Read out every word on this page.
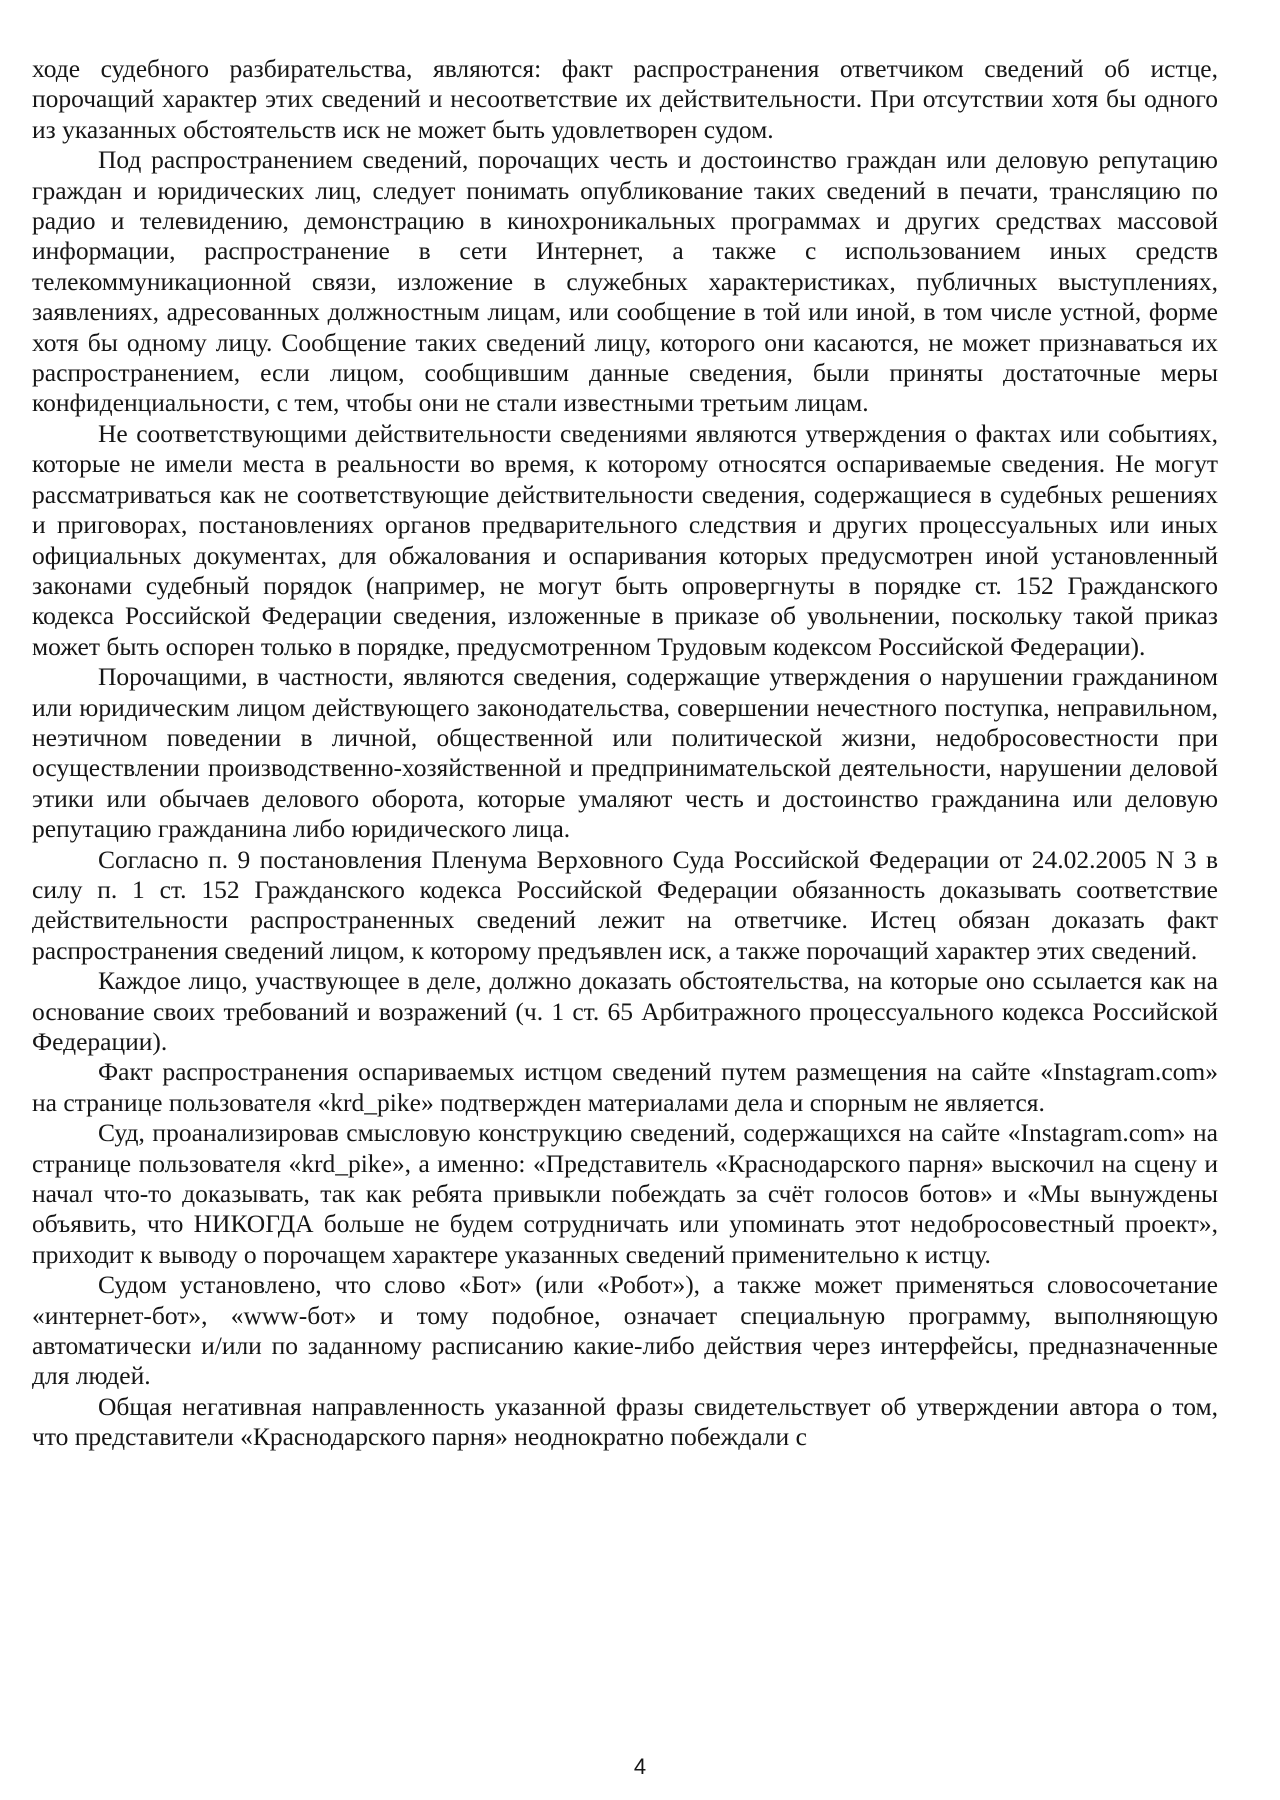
ходе судебного разбирательства, являются: факт распространения ответчиком сведений об истце, порочащий характер этих сведений и несоответствие их действительности. При отсутствии хотя бы одного из указанных обстоятельств иск не может быть удовлетворен судом.

Под распространением сведений, порочащих честь и достоинство граждан или деловую репутацию граждан и юридических лиц, следует понимать опубликование таких сведений в печати, трансляцию по радио и телевидению, демонстрацию в кинохроникальных программах и других средствах массовой информации, распространение в сети Интернет, а также с использованием иных средств телекоммуникационной связи, изложение в служебных характеристиках, публичных выступлениях, заявлениях, адресованных должностным лицам, или сообщение в той или иной, в том числе устной, форме хотя бы одному лицу. Сообщение таких сведений лицу, которого они касаются, не может признаваться их распространением, если лицом, сообщившим данные сведения, были приняты достаточные меры конфиденциальности, с тем, чтобы они не стали известными третьим лицам.

Не соответствующими действительности сведениями являются утверждения о фактах или событиях, которые не имели места в реальности во время, к которому относятся оспариваемые сведения. Не могут рассматриваться как не соответствующие действительности сведения, содержащиеся в судебных решениях и приговорах, постановлениях органов предварительного следствия и других процессуальных или иных официальных документах, для обжалования и оспаривания которых предусмотрен иной установленный законами судебный порядок (например, не могут быть опровергнуты в порядке ст. 152 Гражданского кодекса Российской Федерации сведения, изложенные в приказе об увольнении, поскольку такой приказ может быть оспорен только в порядке, предусмотренном Трудовым кодексом Российской Федерации).

Порочащими, в частности, являются сведения, содержащие утверждения о нарушении гражданином или юридическим лицом действующего законодательства, совершении нечестного поступка, неправильном, неэтичном поведении в личной, общественной или политической жизни, недобросовестности при осуществлении производственно-хозяйственной и предпринимательской деятельности, нарушении деловой этики или обычаев делового оборота, которые умаляют честь и достоинство гражданина или деловую репутацию гражданина либо юридического лица.

Согласно п. 9 постановления Пленума Верховного Суда Российской Федерации от 24.02.2005 N 3 в силу п. 1 ст. 152 Гражданского кодекса Российской Федерации обязанность доказывать соответствие действительности распространенных сведений лежит на ответчике. Истец обязан доказать факт распространения сведений лицом, к которому предъявлен иск, а также порочащий характер этих сведений.

Каждое лицо, участвующее в деле, должно доказать обстоятельства, на которые оно ссылается как на основание своих требований и возражений (ч. 1 ст. 65 Арбитражного процессуального кодекса Российской Федерации).

Факт распространения оспариваемых истцом сведений путем размещения на сайте «Instagram.com» на странице пользователя «krd_pike» подтвержден материалами дела и спорным не является.

Суд, проанализировав смысловую конструкцию сведений, содержащихся на сайте «Instagram.com» на странице пользователя «krd_pike», а именно: «Представитель «Краснодарского парня» выскочил на сцену и начал что-то доказывать, так как ребята привыкли побеждать за счёт голосов ботов» и «Мы вынуждены объявить, что НИКОГДА больше не будем сотрудничать или упоминать этот недобросовестный проект», приходит к выводу о порочащем характере указанных сведений применительно к истцу.

Судом установлено, что слово «Бот» (или «Робот»), а также может применяться словосочетание «интернет-бот», «www-бот» и тому подобное, означает специальную программу, выполняющую автоматически и/или по заданному расписанию какие-либо действия через интерфейсы, предназначенные для людей.

Общая негативная направленность указанной фразы свидетельствует об утверждении автора о том, что представители «Краснодарского парня» неоднократно побеждали с

4
